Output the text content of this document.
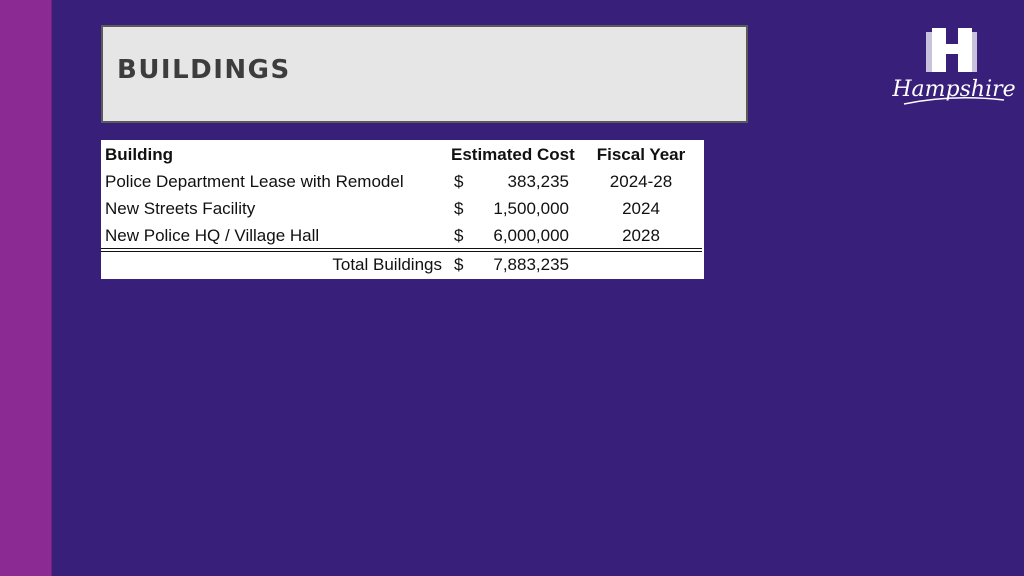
BUILDINGS
Hampshire
Building	Estimated Cost	Fiscal Year
Police Department Lease with Remodel	$	383,235	2024-28
New Streets Facility	$ 1,500,000	2024
New Police HQ / Village Hall	$ 6,000,000	2028
Total Buildings $ 7,883,235
